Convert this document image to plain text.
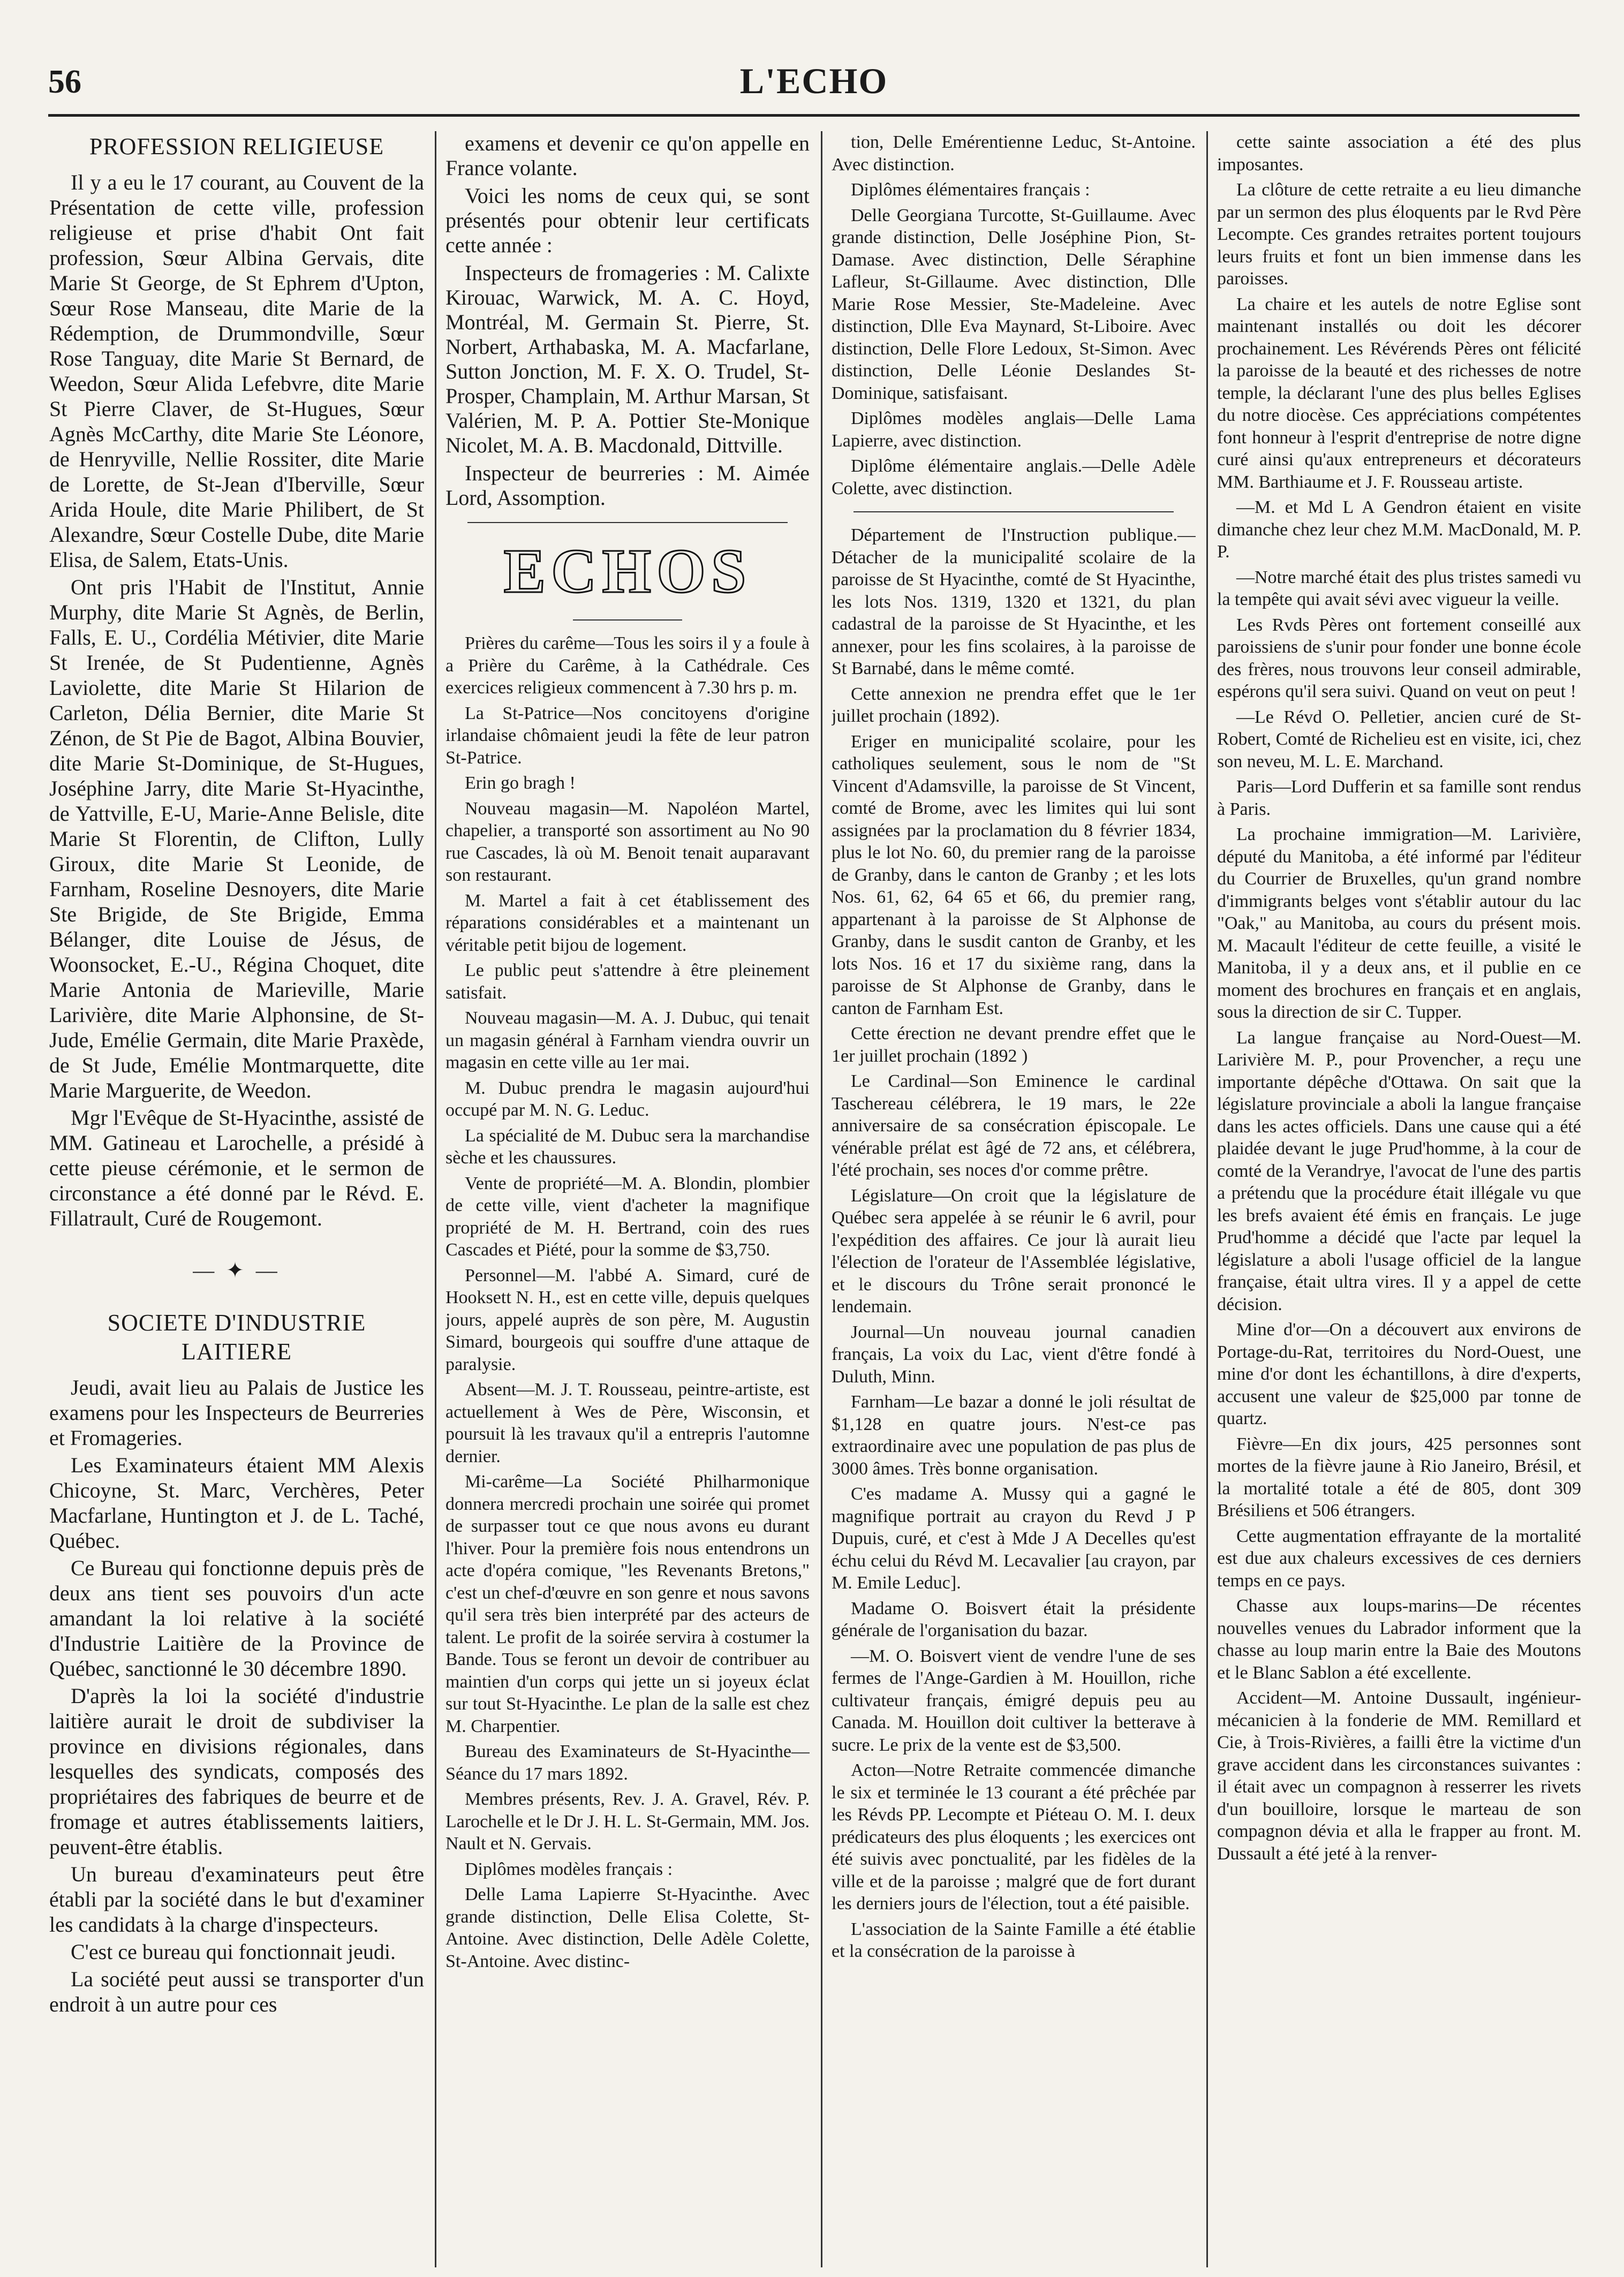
56	L'ECHO
PROFESSION RELIGIEUSE

Il y a eu le 17 courant, au Couvent de la Présentation de cette ville, profession religieuse et prise d'habit Ont fait profession, Sœur Albina Gervais, dite Marie St George, de St Ephrem d'Upton, Sœur Rose Manseau, dite Marie de la Rédemption, de Drummondville, Sœur Rose Tanguay, dite Marie St Bernard, de Weedon, Sœur Alida Lefebvre, dite Marie St Pierre Claver, de St-Hugues, Sœur Agnès McCarthy, dite Marie Ste Léonore, de Henryville, Nellie Rossiter, dite Marie de Lorette, de St-Jean d'Iberville, Sœur Arida Houle, dite Marie Philibert, de St Alexandre, Sœur Costelle Dube, dite Marie Elisa, de Salem, Etats-Unis.

Ont pris l'Habit de l'Institut, Annie Murphy, dite Marie St Agnès, de Berlin, Falls, E. U., Cordélia Métivier, dite Marie St Irenée, de St Pudentienne, Agnès Laviolette, dite Marie St Hilarion de Carleton, Délia Bernier, dite Marie St Zénon, de St Pie de Bagot, Albina Bouvier, dite Marie St-Dominique, de St-Hugues, Joséphine Jarry, dite Marie St-Hyacinthe, de Yattville, E-U, Marie-Anne Belisle, dite Marie St Florentin, de Clifton, Lully Giroux, dite Marie St Leonide, de Farnham, Roseline Desnoyers, dite Marie Ste Brigide, de Ste Brigide, Emma Bélanger, dite Louise de Jésus, de Woonsocket, E.-U., Régina Choquet, dite Marie Antonia de Marieville, Marie Larivière, dite Marie Alphonsine, de St-Jude, Emélie Germain, dite Marie Praxède, de St Jude, Emélie Montmarquette, dite Marie Marguerite, de Weedon.

Mgr l'Evêque de St-Hyacinthe, assisté de MM. Gatineau et Larochelle, a présidé à cette pieuse cérémonie, et le sermon de circonstance a été donné par le Révd. E. Fillatrault, Curé de Rougemont.

— ✦ —
SOCIETE D'INDUSTRIE
LAITIERE

Jeudi, avait lieu au Palais de Justice les examens pour les Inspecteurs de Beurreries et Fromageries.

Les Examinateurs étaient MM Alexis Chicoyne, St. Marc, Verchères, Peter Macfarlane, Huntington et J. de L. Taché, Québec.

Ce Bureau qui fonctionne depuis près de deux ans tient ses pouvoirs d'un acte amandant la loi relative à la société d'Industrie Laitière de la Province de Québec, sanctionné le 30 décembre 1890.

D'après la loi la société d'industrie laitière aurait le droit de subdiviser la province en divisions régionales, dans lesquelles des syndicats, composés des propriétaires des fabriques de beurre et de fromage et autres établissements laitiers, peuvent-être établis.

Un bureau d'examinateurs peut être établi par la société dans le but d'examiner les candidats à la charge d'inspecteurs.

C'est ce bureau qui fonctionnait jeudi.

La société peut aussi se transporter d'un endroit à un autre pour ces

examens et devenir ce qu'on appelle en France volante.

Voici les noms de ceux qui, se sont présentés pour obtenir leur certificats cette année :

Inspecteurs de fromageries : M. Calixte Kirouac, Warwick, M. A. C. Hoyd, Montréal, M. Germain St. Pierre, St. Norbert, Arthabaska, M. A. Macfarlane, Sutton Jonction, M. F. X. O. Trudel, St-Prosper, Champlain, M. Arthur Marsan, St Valérien, M. P. A. Pottier Ste-Monique Nicolet, M. A. B. Macdonald, Dittville.

Inspecteur de beurreries : M. Aimée Lord, Assomption.

ECHOS

Prières du carême—Tous les soirs il y a foule à a Prière du Carême, à la Cathédrale. Ces exercices religieux commencent à 7.30 hrs p. m.

La St-Patrice—Nos concitoyens d'origine irlandaise chômaient jeudi la fête de leur patron St-Patrice.

Erin go bragh !

Nouveau magasin—M. Napoléon Martel, chapelier, a transporté son assortiment au No 90 rue Cascades, là où M. Benoit tenait auparavant son restaurant.

M. Martel a fait à cet établissement des réparations considérables et a maintenant un véritable petit bijou de logement.

Le public peut s'attendre à être pleinement satisfait.

Nouveau magasin—M. A. J. Dubuc, qui tenait un magasin général à Farnham viendra ouvrir un magasin en cette ville au 1er mai.

M. Dubuc prendra le magasin aujourd'hui occupé par M. N. G. Leduc.

La spécialité de M. Dubuc sera la marchandise sèche et les chaussures.

Vente de propriété—M. A. Blondin, plombier de cette ville, vient d'acheter la magnifique propriété de M. H. Bertrand, coin des rues Cascades et Piété, pour la somme de $3,750.

Personnel—M. l'abbé A. Simard, curé de Hooksett N. H., est en cette ville, depuis quelques jours, appelé auprès de son père, M. Augustin Simard, bourgeois qui souffre d'une attaque de paralysie.

Absent—M. J. T. Rousseau, peintre-artiste, est actuellement à Wes de Père, Wisconsin, et poursuit là les travaux qu'il a entrepris l'automne dernier.

Mi-carême—La Société Philharmonique donnera mercredi prochain une soirée qui promet de surpasser tout ce que nous avons eu durant l'hiver. Pour la première fois nous entendrons un acte d'opéra comique, "les Revenants Bretons," c'est un chef-d'œuvre en son genre et nous savons qu'il sera très bien interprété par des acteurs de talent. Le profit de la soirée servira à costumer la Bande. Tous se feront un devoir de contribuer au maintien d'un corps qui jette un si joyeux éclat sur tout St-Hyacinthe. Le plan de la salle est chez M. Charpentier.

Bureau des Examinateurs de St-Hyacinthe—Séance du 17 mars 1892.

Membres présents, Rev. J. A. Gravel, Rév. P. Larochelle et le Dr J. H. L. St-Germain, MM. Jos. Nault et N. Gervais.

Diplômes modèles français :

Delle Lama Lapierre St-Hyacinthe. Avec grande distinction, Delle Elisa Colette, St-Antoine. Avec distinction, Delle Adèle Colette, St-Antoine. Avec distinc-

tion, Delle Emérentienne Leduc, St-Antoine. Avec distinction.

Diplômes élémentaires français :

Delle Georgiana Turcotte, St-Guillaume. Avec grande distinction, Delle Joséphine Pion, St-Damase. Avec distinction, Delle Séraphine Lafleur, St-Gillaume. Avec distinction, Dlle Marie Rose Messier, Ste-Madeleine. Avec distinction, Dlle Eva Maynard, St-Liboire. Avec distinction, Delle Flore Ledoux, St-Simon. Avec distinction, Delle Léonie Deslandes St-Dominique, satisfaisant.

Diplômes modèles anglais—Delle Lama Lapierre, avec distinction.

Diplôme élémentaire anglais.—Delle Adèle Colette, avec distinction.

Département de l'Instruction publique.—Détacher de la municipalité scolaire de la paroisse de St Hyacinthe, comté de St Hyacinthe, les lots Nos. 1319, 1320 et 1321, du plan cadastral de la paroisse de St Hyacinthe, et les annexer, pour les fins scolaires, à la paroisse de St Barnabé, dans le même comté.

Cette annexion ne prendra effet que le 1er juillet prochain (1892).

Eriger en municipalité scolaire, pour les catholiques seulement, sous le nom de "St Vincent d'Adamsville, la paroisse de St Vincent, comté de Brome, avec les limites qui lui sont assignées par la proclamation du 8 février 1834, plus le lot No. 60, du premier rang de la paroisse de Granby, dans le canton de Granby ; et les lots Nos. 61, 62, 64 65 et 66, du premier rang, appartenant à la paroisse de St Alphonse de Granby, dans le susdit canton de Granby, et les lots Nos. 16 et 17 du sixième rang, dans la paroisse de St Alphonse de Granby, dans le canton de Farnham Est.

Cette érection ne devant prendre effet que le 1er juillet prochain (1892 )

Le Cardinal—Son Eminence le cardinal Taschereau célébrera, le 19 mars, le 22e anniversaire de sa consécration épiscopale. Le vénérable prélat est âgé de 72 ans, et célébrera, l'été prochain, ses noces d'or comme prêtre.

Législature—On croit que la législature de Québec sera appelée à se réunir le 6 avril, pour l'expédition des affaires. Ce jour là aurait lieu l'élection de l'orateur de l'Assemblée législative, et le discours du Trône serait prononcé le lendemain.

Journal—Un nouveau journal canadien français, La voix du Lac, vient d'être fondé à Duluth, Minn.

Farnham—Le bazar a donné le joli résultat de $1,128 en quatre jours. N'est-ce pas extraordinaire avec une population de pas plus de 3000 âmes. Très bonne organisation.

C'es madame A. Mussy qui a gagné le magnifique portrait au crayon du Revd J P Dupuis, curé, et c'est à Mde J A Decelles qu'est échu celui du Révd M. Lecavalier [au crayon, par M. Emile Leduc].

Madame O. Boisvert était la présidente générale de l'organisation du bazar.

—M. O. Boisvert vient de vendre l'une de ses fermes de l'Ange-Gardien à M. Houillon, riche cultivateur français, émigré depuis peu au Canada. M. Houillon doit cultiver la betterave à sucre. Le prix de la vente est de $3,500.

Acton—Notre Retraite commencée dimanche le six et terminée le 13 courant a été prêchée par les Révds PP. Lecompte et Piéteau O. M. I. deux prédicateurs des plus éloquents ; les exercices ont été suivis avec ponctualité, par les fidèles de la ville et de la paroisse ; malgré que de fort durant les derniers jours de l'élection, tout a été paisible.

L'association de la Sainte Famille a été établie et la consécration de la paroisse à

cette sainte association a été des plus imposantes.

La clôture de cette retraite a eu lieu dimanche par un sermon des plus éloquents par le Rvd Père Lecompte. Ces grandes retraites portent toujours leurs fruits et font un bien immense dans les paroisses.

La chaire et les autels de notre Eglise sont maintenant installés ou doit les décorer prochainement. Les Révérends Pères ont félicité la paroisse de la beauté et des richesses de notre temple, la déclarant l'une des plus belles Eglises du notre diocèse. Ces appréciations compétentes font honneur à l'esprit d'entreprise de notre digne curé ainsi qu'aux entrepreneurs et décorateurs MM. Barthiaume et J. F. Rousseau artiste.

—M. et Md L A Gendron étaient en visite dimanche chez leur chez M.M. MacDonald, M. P. P.

—Notre marché était des plus tristes samedi vu la tempête qui avait sévi avec vigueur la veille.

Les Rvds Pères ont fortement conseillé aux paroissiens de s'unir pour fonder une bonne école des frères, nous trouvons leur conseil admirable, espérons qu'il sera suivi. Quand on veut on peut !

—Le Révd O. Pelletier, ancien curé de St-Robert, Comté de Richelieu est en visite, ici, chez son neveu, M. L. E. Marchand.

Paris—Lord Dufferin et sa famille sont rendus à Paris.

La prochaine immigration—M. Larivière, député du Manitoba, a été informé par l'éditeur du Courrier de Bruxelles, qu'un grand nombre d'immigrants belges vont s'établir autour du lac "Oak," au Manitoba, au cours du présent mois. M. Macault l'éditeur de cette feuille, a visité le Manitoba, il y a deux ans, et il publie en ce moment des brochures en français et en anglais, sous la direction de sir C. Tupper.

La langue française au Nord-Ouest—M. Larivière M. P., pour Provencher, a reçu une importante dépêche d'Ottawa. On sait que la législature provinciale a aboli la langue française dans les actes officiels. Dans une cause qui a été plaidée devant le juge Prud'homme, à la cour de comté de la Verandrye, l'avocat de l'une des partis a prétendu que la procédure était illégale vu que les brefs avaient été émis en français. Le juge Prud'homme a décidé que l'acte par lequel la législature a aboli l'usage officiel de la langue française, était ultra vires. Il y a appel de cette décision.

Mine d'or—On a découvert aux environs de Portage-du-Rat, territoires du Nord-Ouest, une mine d'or dont les échantillons, à dire d'experts, accusent une valeur de $25,000 par tonne de quartz.

Fièvre—En dix jours, 425 personnes sont mortes de la fièvre jaune à Rio Janeiro, Brésil, et la mortalité totale a été de 805, dont 309 Brésiliens et 506 étrangers.

Cette augmentation effrayante de la mortalité est due aux chaleurs excessives de ces derniers temps en ce pays.

Chasse aux loups-marins—De récentes nouvelles venues du Labrador informent que la chasse au loup marin entre la Baie des Moutons et le Blanc Sablon a été excellente.

Accident—M. Antoine Dussault, ingénieur-mécanicien à la fonderie de MM. Remillard et Cie, à Trois-Rivières, a failli être la victime d'un grave accident dans les circonstances suivantes : il était avec un compagnon à resserrer les rivets d'un bouilloire, lorsque le marteau de son compagnon dévia et alla le frapper au front. M. Dussault a été jeté à la renver-
